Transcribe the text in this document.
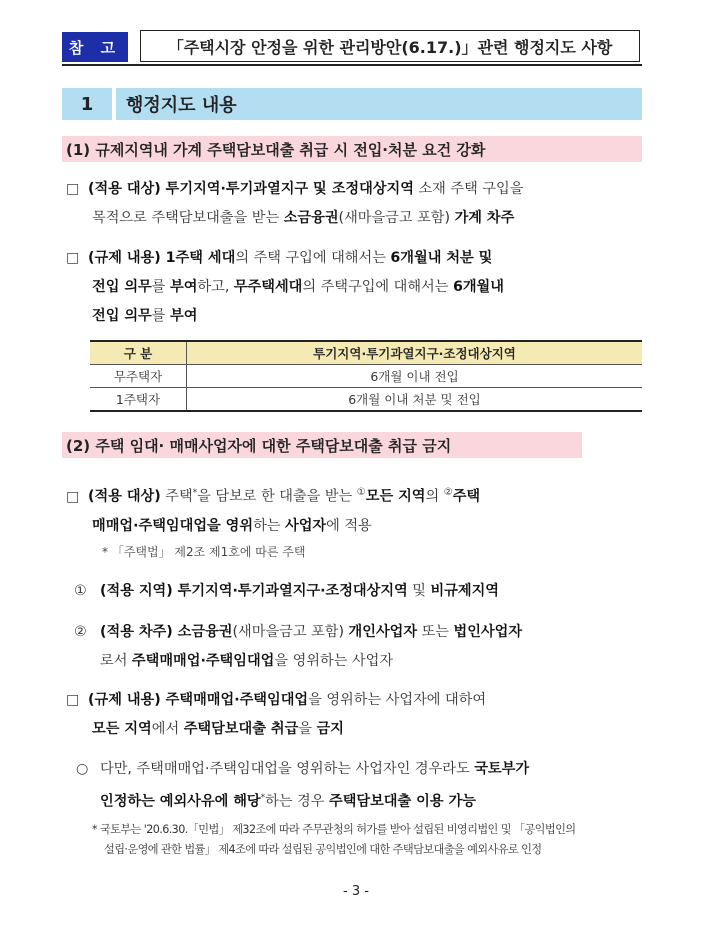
참 고	「주택시장 안정을 위한 관리방안(6.17.)」관련 행정지도 사항
1	행정지도 내용
(1) 규제지역내 가계 주택담보대출 취급 시 전입·처분 요건 강화
□ (적용 대상) 투기지역·투기과열지구 및 조정대상지역 소재 주택 구입을
목적으로 주택담보대출을 받는 소금융권(새마을금고 포함) 가계 차주
□ (규제 내용) 1주택 세대의 주택 구입에 대해서는 6개월내 처분 및
전입 의무를 부여하고, 무주택세대의 주택구입에 대해서는 6개월내
전입 의무를 부여
구 분	투기지역·투기과열지구·조정대상지역
무주택자	6개월 이내 전입
1주택자	6개월 이내 처분 및 전입
(2) 주택 임대· 매매사업자에 대한 주택담보대출 취급 금지
□ (적용 대상) 주택*을 담보로 한 대출을 받는 ①모든 지역의 ②주택
매매업·주택임대업을 영위하는 사업자에 적용
* 「주택법」 제2조 제1호에 따른 주택
① (적용 지역) 투기지역·투기과열지구·조정대상지역 및 비규제지역
② (적용 차주) 소금융권(새마을금고 포함) 개인사업자 또는 법인사업자
로서 주택매매업·주택임대업을 영위하는 사업자
□ (규제 내용) 주택매매업·주택임대업을 영위하는 사업자에 대하여
모든 지역에서 주택담보대출 취급을 금지
○ 다만, 주택매매업·주택임대업을 영위하는 사업자인 경우라도 국토부가
인정하는 예외사유에 해당*하는 경우 주택담보대출 이용 가능
* 국토부는 '20.6.30.「민법」 제32조에 따라 주무관청의 허가를 받아 설립된 비영리법인 및 「공익법인의
설립·운영에 관한 법률」 제4조에 따라 설립된 공익법인에 대한 주택담보대출을 예외사유로 인정
- 3 -
